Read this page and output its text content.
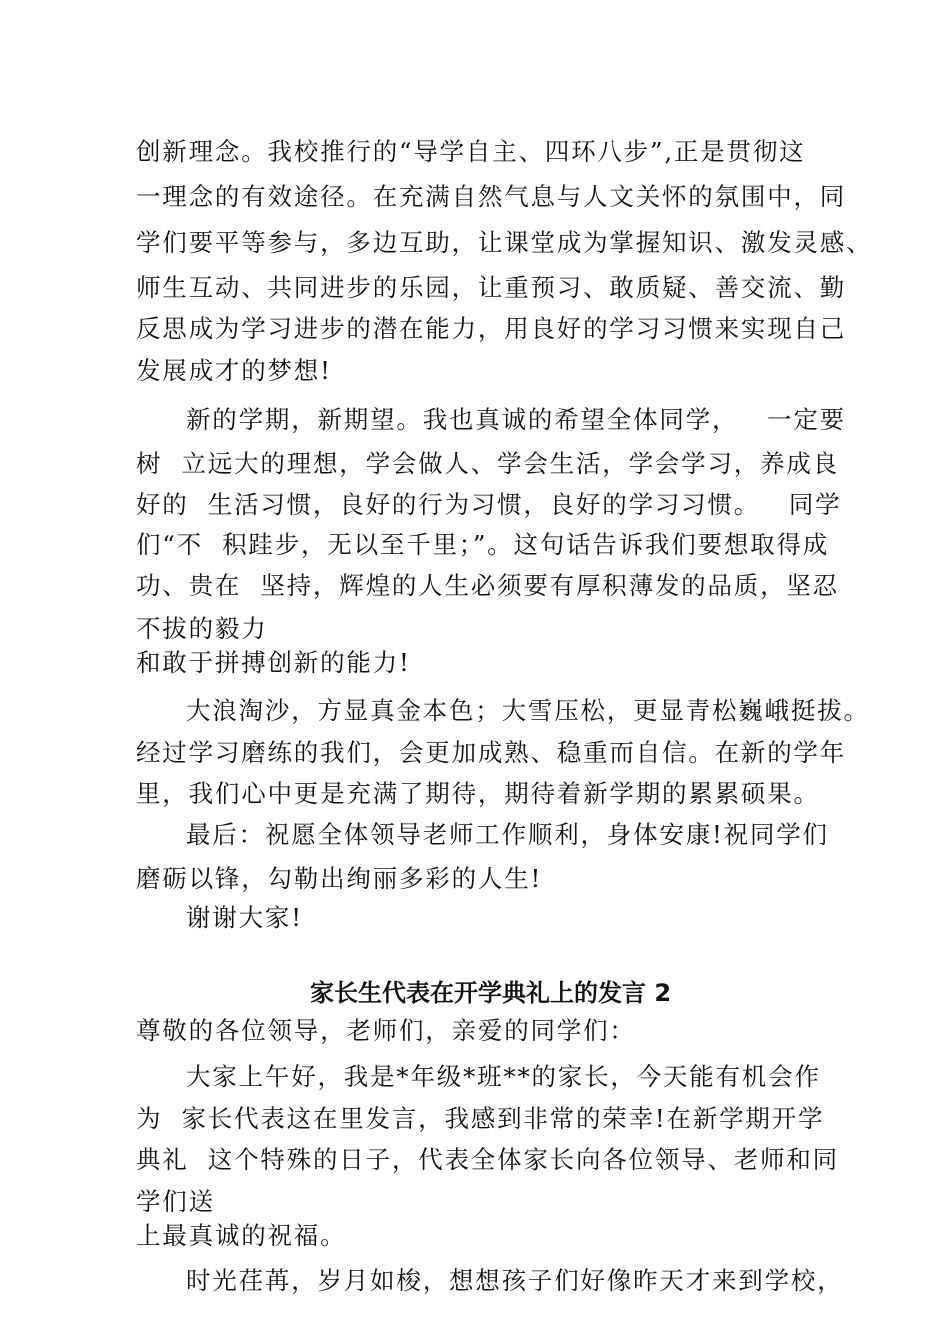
创新理念。我校推行的“导学自主、四环八步”,正是贯彻这
一理念的有效途径。在充满自然气息与人文关怀的氛围中，同
学们要平等参与，多边互助，让课堂成为掌握知识、激发灵感、
师生互动、共同进步的乐园，让重预习、敢质疑、善交流、勤
反思成为学习进步的潜在能力，用良好的学习习惯来实现自己
发展成才的梦想!
新的学期，新期望。我也真诚的希望全体同学，   一定要
树  立远大的理想，学会做人、学会生活，学会学习，养成良
好的  生活习惯，良好的行为习惯，良好的学习习惯。   同学
们“不  积跬步，无以至千里；”。这句话告诉我们要想取得成
功、贵在  坚持，辉煌的人生必须要有厚积薄发的品质，坚忍
不拔的毅力
和敢于拼搏创新的能力!
大浪淘沙，方显真金本色；大雪压松，更显青松巍峨挺拔。
经过学习磨练的我们，会更加成熟、稳重而自信。在新的学年
里，我们心中更是充满了期待，期待着新学期的累累硕果。
最后：祝愿全体领导老师工作顺利，身体安康!祝同学们
磨砺以锋，勾勒出绚丽多彩的人生!
谢谢大家!
家长生代表在开学典礼上的发言 2
尊敬的各位领导，老师们，亲爱的同学们：
大家上午好，我是*年级*班**的家长，今天能有机会作
为  家长代表这在里发言，我感到非常的荣幸!在新学期开学
典礼  这个特殊的日子，代表全体家长向各位领导、老师和同
学们送
上最真诚的祝福。
时光荏苒，岁月如梭，想想孩子们好像昨天才来到学校，
